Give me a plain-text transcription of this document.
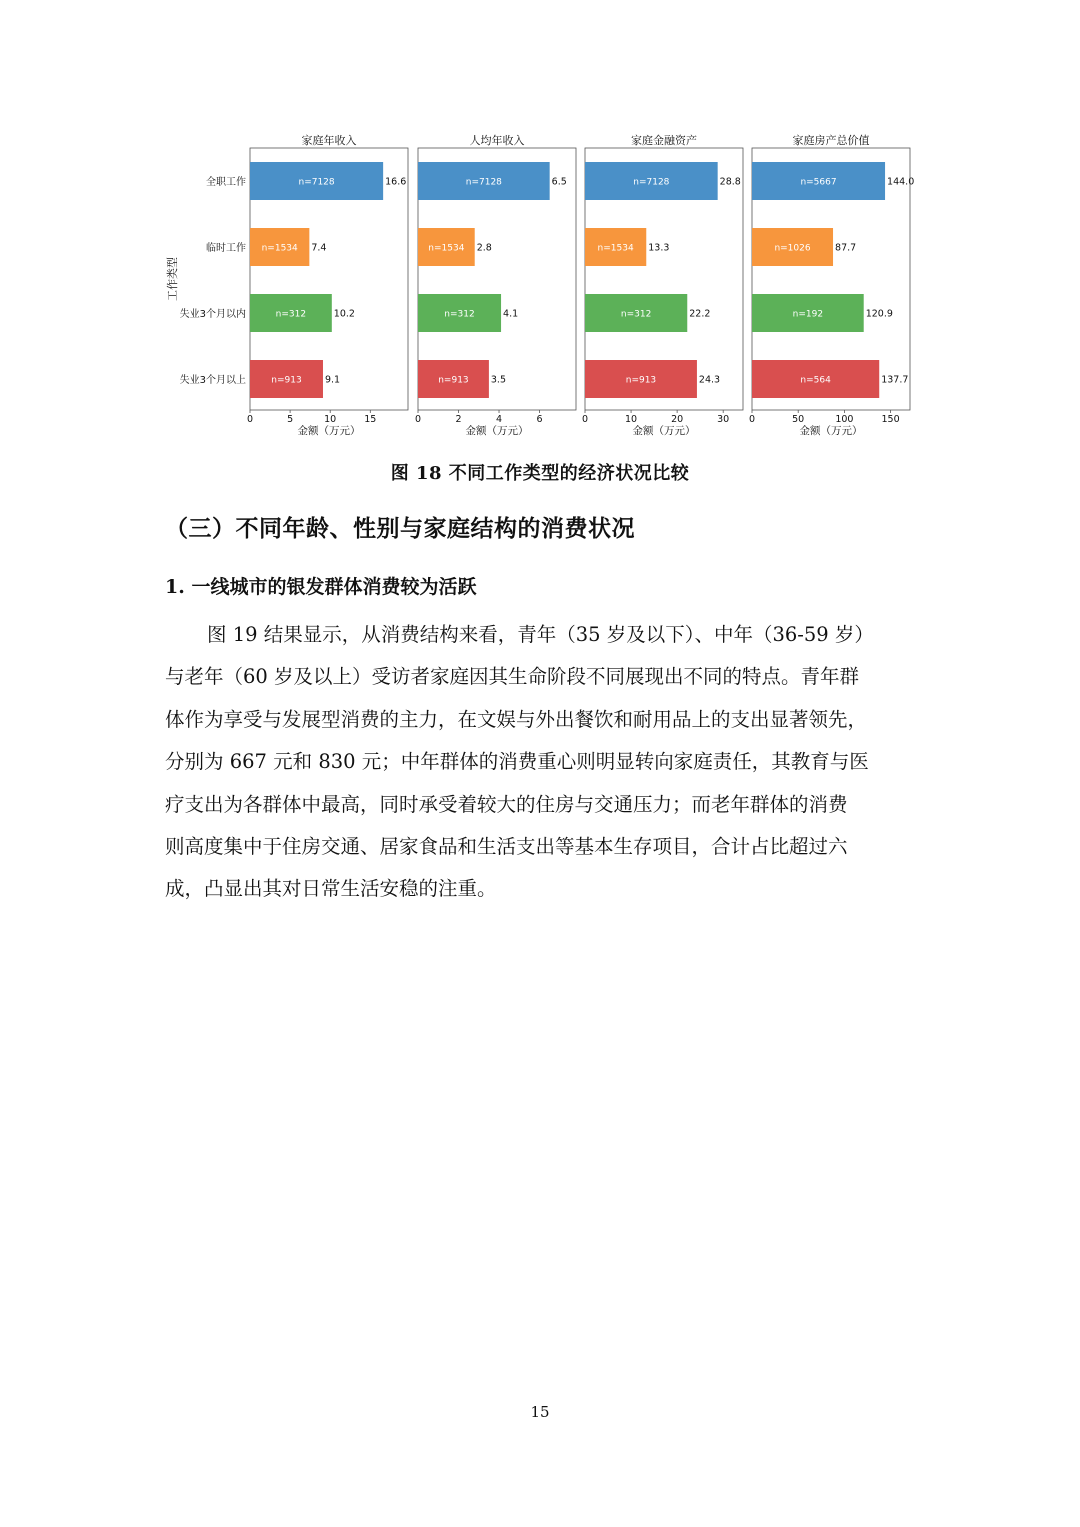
工作类型
全职工作
临时工作
失业3个月以内
失业3个月以上
家庭年收入
n=7128	16.6
n=1534 7.4
n=312	10.2
n=913 9.1
0	5	10	15
金额（万元）
人均年收入
n=7128	6.5
n=1534 2.8
n=312	4.1
n=913 3.5
0	2	4	6
金额（万元）
家庭金融资产
n=7128	28.8
n=1534 13.3
n=312	22.2
n=913	24.3
0	10	20	30
金额（万元）
家庭房产总价值
n=5667	144.0
n=1026	87.7
n=192	120.9
n=564	137.7
0	50	100	150
金额（万元）
图 18 不同工作类型的经济状况比较
（三）不同年龄、性别与家庭结构的消费状况
1. 一线城市的银发群体消费较为活跃
图 19 结果显示，从消费结构来看，青年（35 岁及以下）、中年（36-59 岁）
与老年（60 岁及以上）受访者家庭因其生命阶段不同展现出不同的特点。青年群
体作为享受与发展型消费的主力，在文娱与外出餐饮和耐用品上的支出显著领先，
分别为 667 元和 830 元；中年群体的消费重心则明显转向家庭责任，其教育与医
疗支出为各群体中最高，同时承受着较大的住房与交通压力；而老年群体的消费
则高度集中于住房交通、居家食品和生活支出等基本生存项目，合计占比超过六
成，凸显出其对日常生活安稳的注重。
15
